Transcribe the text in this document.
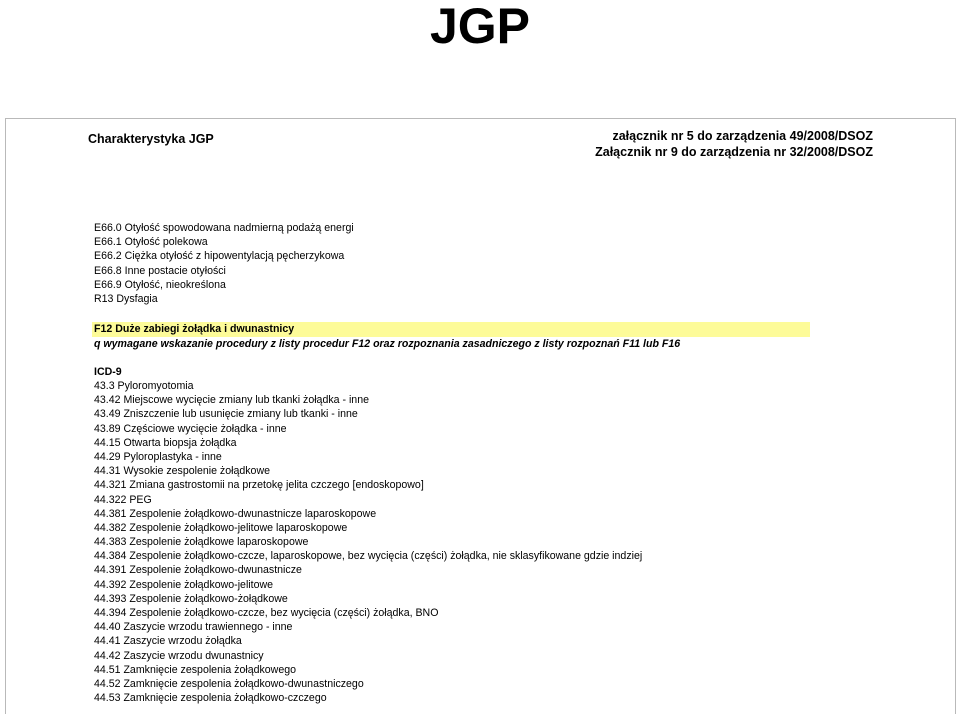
JGP
Charakterystyka JGP	załącznik nr 5 do zarządzenia 49/2008/DSOZ
Załącznik nr 9 do zarządzenia nr 32/2008/DSOZ
E66.0 Otyłość spowodowana nadmierną podażą energi
E66.1 Otyłość polekowa
E66.2 Ciężka otyłość z hipowentylacją pęcherzykowa
E66.8 Inne postacie otyłości
E66.9 Otyłość, nieokreślona
R13 Dysfagia
F12 Duże zabiegi żołądka i dwunastnicy
q wymagane wskazanie procedury z listy procedur F12 oraz rozpoznania zasadniczego z listy rozpoznań F11 lub F16
ICD-9
43.3 Pyloromyotomia
43.42 Miejscowe wycięcie zmiany lub tkanki żołądka - inne
43.49 Zniszczenie lub usunięcie zmiany lub tkanki - inne
43.89 Częściowe wycięcie żołądka - inne
44.15 Otwarta biopsja żołądka
44.29 Pyloroplastyka - inne
44.31 Wysokie zespolenie żołądkowe
44.321 Zmiana gastrostomii na przetokę jelita czczego [endoskopowo]
44.322 PEG
44.381 Zespolenie żołądkowo-dwunastnicze laparoskopowe
44.382 Zespolenie żołądkowo-jelitowe laparoskopowe
44.383 Zespolenie żołądkowe laparoskopowe
44.384 Zespolenie żołądkowo-czcze, laparoskopowe, bez wycięcia (części) żołądka, nie sklasyfikowane gdzie indziej
44.391 Zespolenie żołądkowo-dwunastnicze
44.392 Zespolenie żołądkowo-jelitowe
44.393 Zespolenie żołądkowo-żołądkowe
44.394 Zespolenie żołądkowo-czcze, bez wycięcia (części) żołądka, BNO
44.40 Zaszycie wrzodu trawiennego - inne
44.41 Zaszycie wrzodu żołądka
44.42 Zaszycie wrzodu dwunastnicy
44.51 Zamknięcie zespolenia żołądkowego
44.52 Zamknięcie zespolenia żołądkowo-dwunastniczego
44.53 Zamknięcie zespolenia żołądkowo-czczego
